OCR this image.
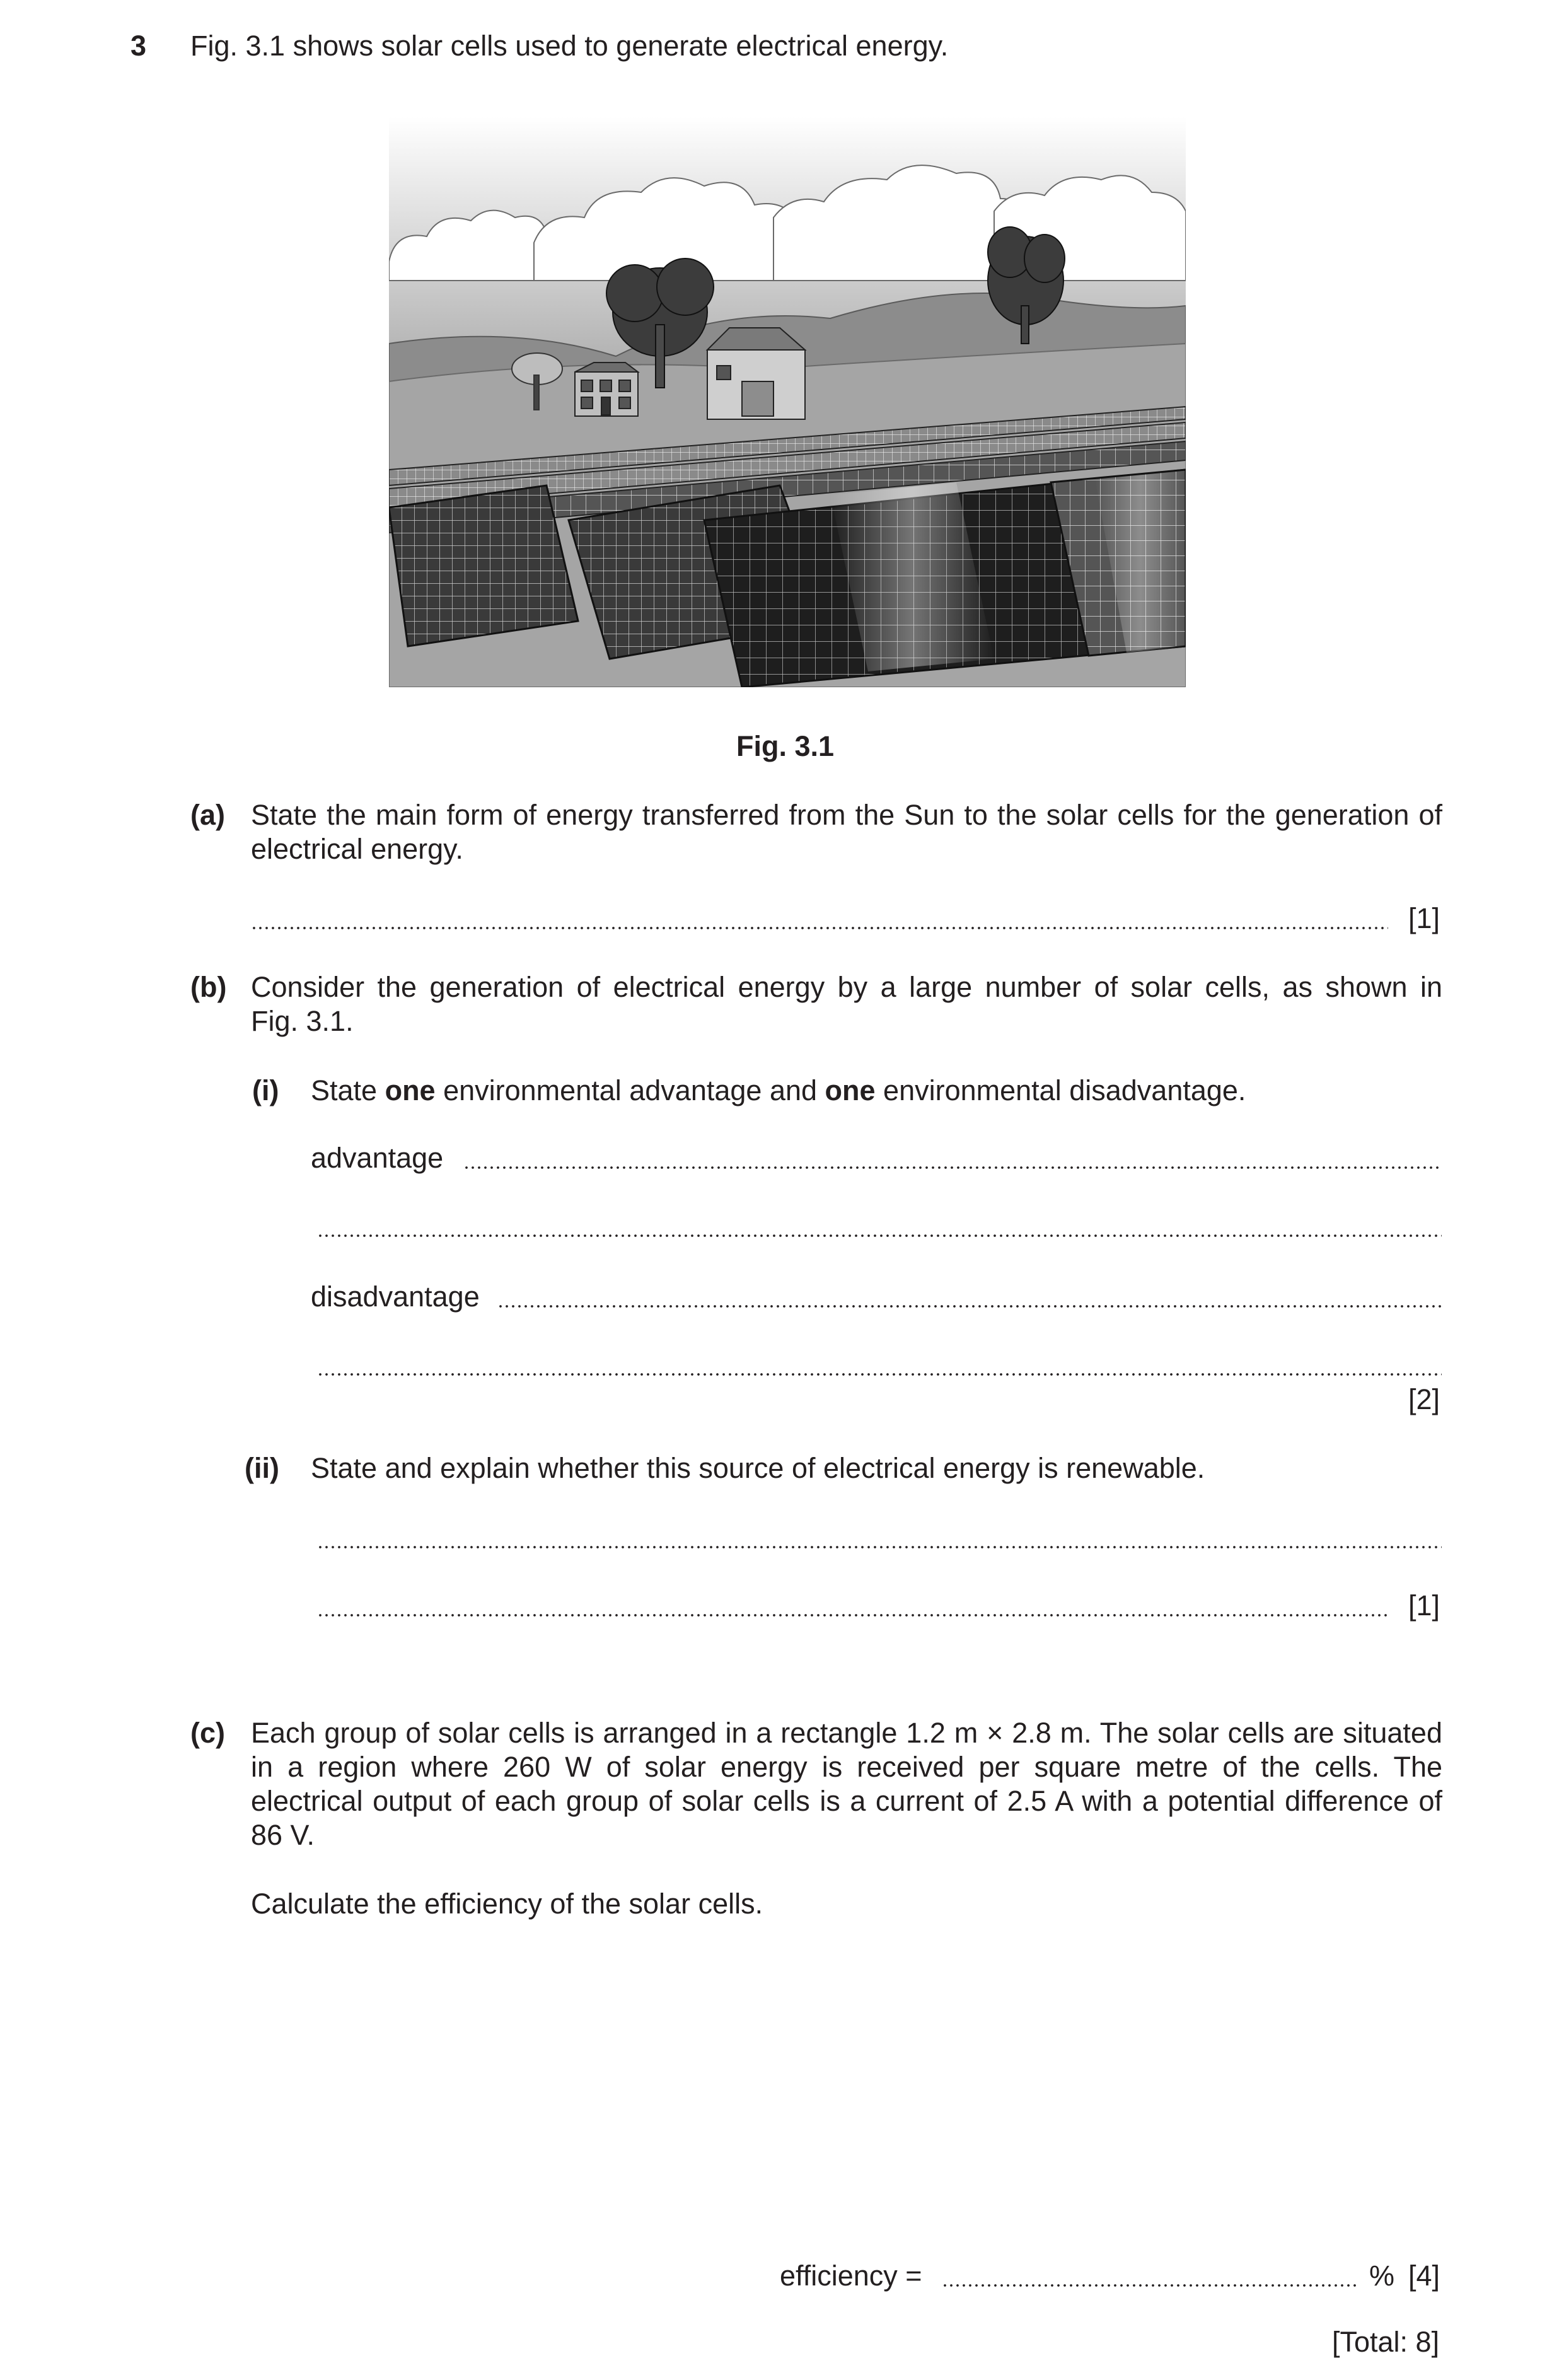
3 Fig. 3.1 shows solar cells used to generate electrical energy.
Fig. 3.1
(a) State the main form of energy transferred from the Sun to the solar cells for the generation of

electrical energy.
[1]
(b) Consider the generation of electrical energy by a large number of solar cells, as shown in

Fig. 3.1.
(i) State one environmental advantage and one environmental disadvantage.
advantage
disadvantage
[2]
(ii) State and explain whether this source of electrical energy is renewable.
[1]
(c) Each group of solar cells is arranged in a rectangle 1.2 m × 2.8 m. The solar cells are situated

in a region where 260 W of solar energy is received per square metre of the cells. The

electrical output of each group of solar cells is a current of 2.5 A with a potential difference of

86 V.
Calculate the efficiency of the solar cells.
efficiency =	% [4]
[Total: 8]
